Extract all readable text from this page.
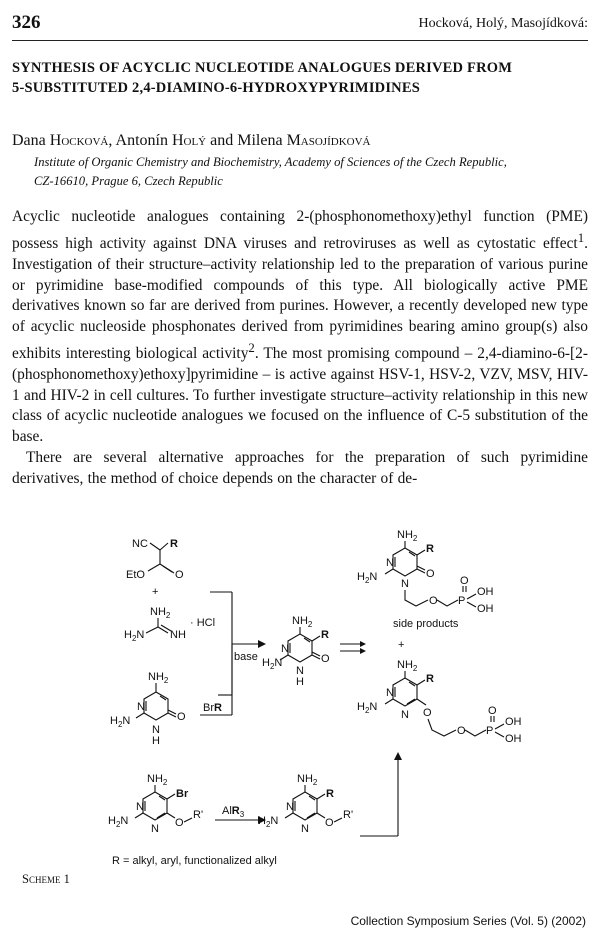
326	Hocková, Holý, Masojídková:
SYNTHESIS OF ACYCLIC NUCLEOTIDE ANALOGUES DERIVED FROM
5-SUBSTITUTED 2,4-DIAMINO-6-HYDROXYPYRIMIDINES
Dana Hocková, Antonín Holý and Milena Masojídková
Institute of Organic Chemistry and Biochemistry, Academy of Sciences of the Czech Republic,
CZ-16610, Prague 6, Czech Republic

Acyclic nucleotide analogues containing 2-(phosphonomethoxy)ethyl function (PME) possess high activity against DNA viruses and retroviruses as well as cytostatic effect$^1$. Investigation of their structure–activity relationship led to the preparation of various purine or pyrimidine base-modified compounds of this type. All biologically active PME derivatives known so far are derived from purines. However, a recently developed new type of acyclic nucleoside phosphonates derived from pyrimidines bearing amino group(s) also exhibits interesting biological activity$^2$. The most promising compound – 2,4-diamino-6-[2-(phosphonomethoxy)ethoxy]pyrimidine – is active against HSV-1, HSV-2, VZV, MSV, HIV-1 and HIV-2 in cell cultures. To further investigate structure–activity relationship in this new class of acyclic nucleotide analogues we focused on the influence of C-5 substitution of the base.

There are several alternative approaches for the preparation of such pyrimidine derivatives, the method of choice depends on the character of de-

NC R
O
EtO
+
$NH_2$
$H_2N$ NH
· HCl
$NH_2$
N
N
H
O
$H_2N$
base
BrR
AlR$_3$
$NH_2$
R
N
O
N
H
$H_2N$
$NH_2$
R
N
O
N
$H_2N$
O P
O
OH
OH
side products
+
$NH_2$
R
N
N
$H_2N$	O
O P
O
OH
OH
$NH_2$
Br
N
N
$H_2N$	O
R'
$NH_2$
R
N
N
$H_2N$	O
R'
R = alkyl, aryl, functionalized alkyl
Scheme 1
Collection Symposium Series (Vol. 5) (2002)
